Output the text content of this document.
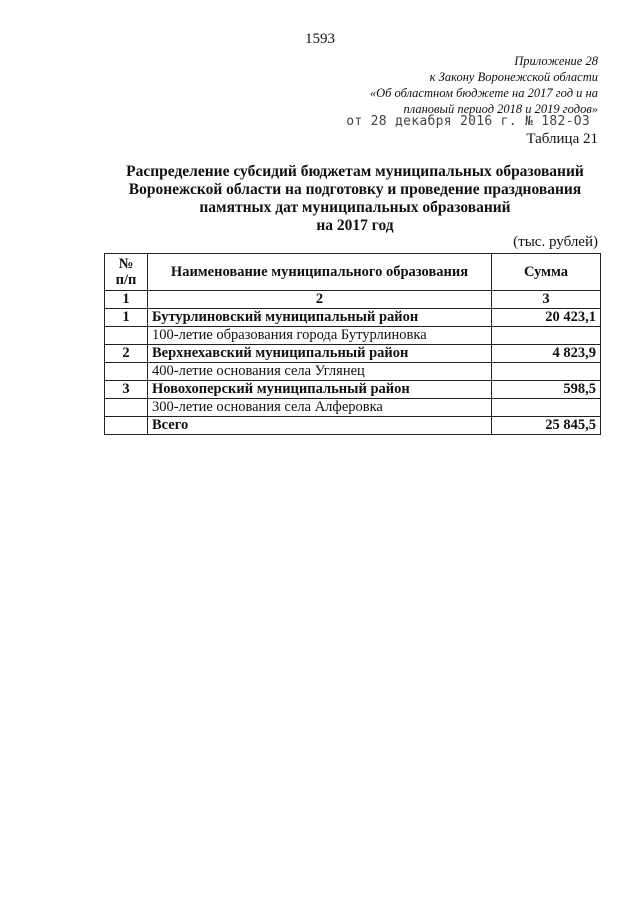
1593
Приложение 28
к Закону Воронежской области
«Об областном бюджете на 2017 год и на
плановый период 2018 и 2019 годов»
от 28 декабря 2016 г. № 182-ОЗ
Таблица 21
Распределение субсидий бюджетам муниципальных образований
Воронежской области на подготовку и проведение празднования
памятных дат муниципальных образований
на 2017 год
(тыс. рублей)
№
п/п	Наименование муниципального образования	Сумма
1	2	3
1	Бутурлиновский муниципальный район	20 423,1
	100-летие образования города Бутурлиновка	
2	Верхнехавский муниципальный район	4 823,9
	400-летие основания села Углянец	
3	Новохоперский муниципальный район	598,5
	300-летие основания села Алферовка	
	Всего	25 845,5
